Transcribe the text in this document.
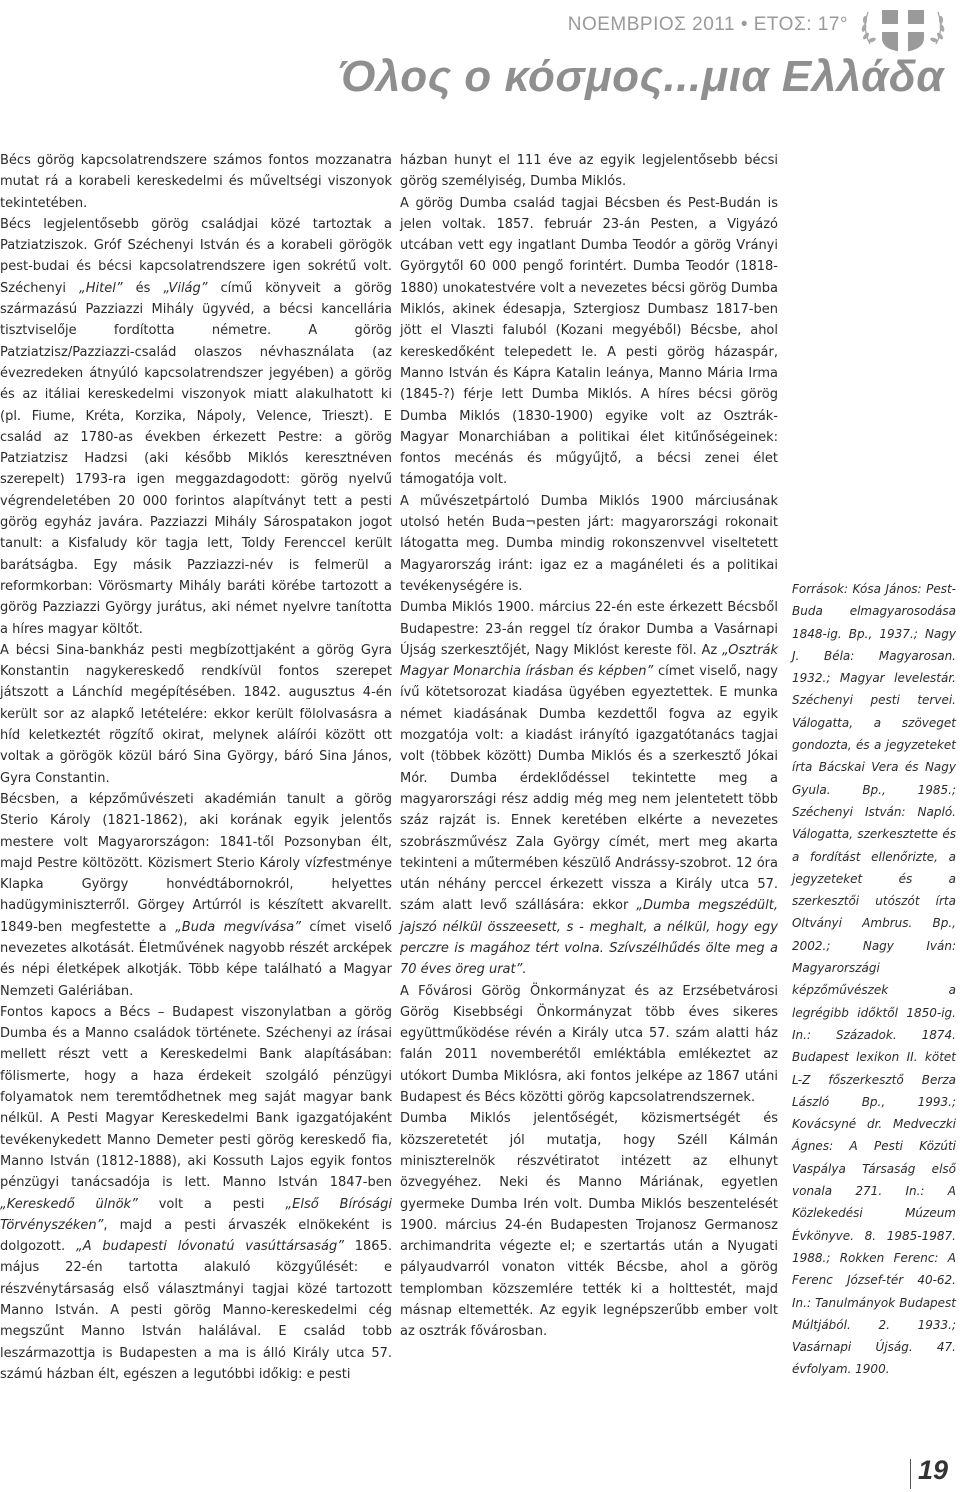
ΝΟΕΜΒΡΙΟΣ 2011 • ΕΤΟΣ: 17°
Όλος ο κόσμος...μια Ελλάδα

Bécs görög kapcsolatrendszere számos fontos mozzanatra mutat rá a korabeli kereskedelmi és műveltségi viszonyok tekintetében.

Bécs legjelentősebb görög családjai közé tartoztak a Patziatziszok. Gróf Széchenyi István és a korabeli görögök pest-budai és bécsi kapcsolatrendszere igen sokrétű volt. Széchenyi „Hitel” és „Világ” című könyveit a görög származású Pazziazzi Mihály ügyvéd, a bécsi kancellária tisztviselője fordította németre. A görög Patziatzisz/Pazziazzi-család olaszos névhasználata (az évezredeken átnyúló kapcsolatrendszer jegyében) a görög és az itáliai kereskedelmi viszonyok miatt alakulhatott ki (pl. Fiume, Kréta, Korzika, Nápoly, Velence, Trieszt). E család az 1780-as években érkezett Pestre: a görög Patziatzisz Hadzsi (aki később Miklós keresztnéven szerepelt) 1793-ra igen meggazdagodott: görög nyelvű végrendeletében 20 000 forintos alapítványt tett a pesti görög egyház javára. Pazziazzi Mihály Sárospatakon jogot tanult: a Kisfaludy kör tagja lett, Toldy Ferenccel került barátságba. Egy másik Pazziazzi-név is felmerül a reformkorban: Vörösmarty Mihály baráti körébe tartozott a görög Pazziazzi György jurátus, aki német nyelvre tanította a híres magyar költőt.

A bécsi Sina-bankház pesti megbízottjaként a görög Gyra Konstantin nagykereskedő rendkívül fontos szerepet játszott a Lánchíd megépítésében. 1842. augusztus 4-én került sor az alapkő letételére: ekkor került fölolvasásra a híd keletkeztét rögzítő okirat, melynek aláírói között ott voltak a görögök közül báró Sina György, báró Sina János, Gyra Constantin.

Bécsben, a képzőművészeti akadémián tanult a görög Sterio Károly (1821-1862), aki korának egyik jelentős mestere volt Magyarországon: 1841-től Pozsonyban élt, majd Pestre költözött. Közismert Sterio Károly vízfestménye Klapka György honvédtábornokról, helyettes hadügyminiszterről. Görgey Artúrról is készített akvarellt. 1849-ben megfestette a „Buda megvívása” címet viselő nevezetes alkotását. Életművének nagyobb részét arcképek és népi életképek alkotják. Több képe található a Magyar Nemzeti Galériában.

Fontos kapocs a Bécs – Budapest viszonylatban a görög Dumba és a Manno családok története. Széchenyi az írásai mellett részt vett a Kereskedelmi Bank alapításában: fölismerte, hogy a haza érdekeit szolgáló pénzügyi folyamatok nem teremtődhetnek meg saját magyar bank nélkül. A Pesti Magyar Kereskedelmi Bank igazgatójaként tevékenykedett Manno Demeter pesti görög kereskedő fia, Manno István (1812-1888), aki Kossuth Lajos egyik fontos pénzügyi tanácsadója is lett. Manno István 1847-ben „Kereskedő ülnök” volt a pesti „Első Bírósági Törvényszéken”, majd a pesti árvaszék elnökeként is dolgozott. „A budapesti lóvonatú vasúttársaság” 1865. május 22-én tartotta alakuló közgyűlését: e részvénytársaság első választmányi tagjai közé tartozott Manno István. A pesti görög Manno-kereskedelmi cég megszűnt Manno István halálával. E család tobb leszármazottja is Budapesten a ma is álló Király utca 57. számú házban élt, egészen a legutóbbi időkig: e pesti

házban hunyt el 111 éve az egyik legjelentősebb bécsi görög személyiség, Dumba Miklós.

A görög Dumba család tagjai Bécsben és Pest-Budán is jelen voltak. 1857. február 23-án Pesten, a Vigyázó utcában vett egy ingatlant Dumba Teodór a görög Vrányi Györgytől 60 000 pengő forintért. Dumba Teodór (1818-1880) unokatestvére volt a nevezetes bécsi görög Dumba Miklós, akinek édesapja, Sztergiosz Dumbasz 1817-ben jött el Vlaszti faluból (Kozani megyéből) Bécsbe, ahol kereskedőként telepedett le. A pesti görög házaspár, Manno István és Kápra Katalin leánya, Manno Mária Irma (1845-?) férje lett Dumba Miklós. A híres bécsi görög Dumba Miklós (1830-1900) egyike volt az Osztrák-Magyar Monarchiában a politikai élet kitűnőségeinek: fontos mecénás és műgyűjtő, a bécsi zenei élet támogatója volt.

A művészetpártoló Dumba Miklós 1900 márciusának utolsó hetén Buda¬pesten járt: magyarországi rokonait látogatta meg. Dumba mindig rokonszenvvel viseltetett Magyarország iránt: igaz ez a magánéleti és a politikai tevékenységére is.

Dumba Miklós 1900. március 22-én este érkezett Bécsből Budapestre: 23-án reggel tíz órakor Dumba a Vasárnapi Újság szerkesztőjét, Nagy Miklóst kereste föl. Az „Osztrák Magyar Monarchia írásban és képben” címet viselő, nagy ívű kötetsorozat kiadása ügyében egyeztettek. E munka német kiadásának Dumba kezdettől fogva az egyik mozgatója volt: a kiadást irányító igazgatótanács tagjai volt (többek között) Dumba Miklós és a szerkesztő Jókai Mór. Dumba érdeklődéssel tekintette meg a magyarországi rész addig még meg nem jelentetett több száz rajzát is. Ennek keretében elkérte a nevezetes szobrászművész Zala György címét, mert meg akarta tekinteni a műtermében készülő Andrássy-szobrot. 12 óra után néhány perccel érkezett vissza a Király utca 57. szám alatt levő szállására: ekkor „Dumba megszédült, jajszó nélkül összeesett, s - meghalt, a nélkül, hogy egy perczre is magához tért volna. Szívszélhűdés ölte meg a 70 éves öreg urat”.

A Fővárosi Görög Önkormányzat és az Erzsébetvárosi Görög Kisebbségi Önkormányzat több éves sikeres együttműködése révén a Király utca 57. szám alatti ház falán 2011 novemberétől emléktábla emlékeztet az utókort Dumba Miklósra, aki fontos jelképe az 1867 utáni Budapest és Bécs közötti görög kapcsolatrendszernek.

Dumba Miklós jelentőségét, közismertségét és közszeretetét jól mutatja, hogy Széll Kálmán miniszterelnök részvétiratot intézett az elhunyt özvegyéhez. Neki és Manno Máriának, egyetlen gyermeke Dumba Irén volt. Dumba Miklós beszentelését 1900. március 24-én Budapesten Trojanosz Germanosz archimandrita végezte el; e szertartás után a Nyugati pályaudvarról vonaton vitték Bécsbe, ahol a görög templomban közszemlére tették ki a holttestét, majd másnap eltemették. Az egyik legnépszerűbb ember volt az osztrák fővárosban.

Források: Kósa János: Pest-Buda elmagyarosodása 1848-ig. Bp., 1937.; Nagy J. Béla: Magyarosan. 1932.; Magyar levelestár. Széchenyi pesti tervei. Válogatta, a szöveget gondozta, és a jegyzeteket írta Bácskai Vera és Nagy Gyula. Bp., 1985.; Széchenyi István: Napló. Válogatta, szerkesztette és a fordítást ellenőrizte, a jegyzeteket és a szerkesztői utószót írta Oltványi Ambrus. Bp., 2002.; Nagy Iván: Magyarországi képzőművészek a legrégibb időktől 1850-ig. In.: Századok. 1874. Budapest lexikon II. kötet L-Z főszerkesztő Berza László Bp., 1993.; Kovácsyné dr. Medveczki Ágnes: A Pesti Közúti Vaspálya Társaság első vonala 271. In.: A Közlekedési Múzeum Évkönyve. 8. 1985-1987. 1988.; Rokken Ferenc: A Ferenc József-tér 40-62. In.: Tanulmányok Budapest Múltjából. 2. 1933.; Vasárnapi Újság. 47. évfolyam. 1900.

19
